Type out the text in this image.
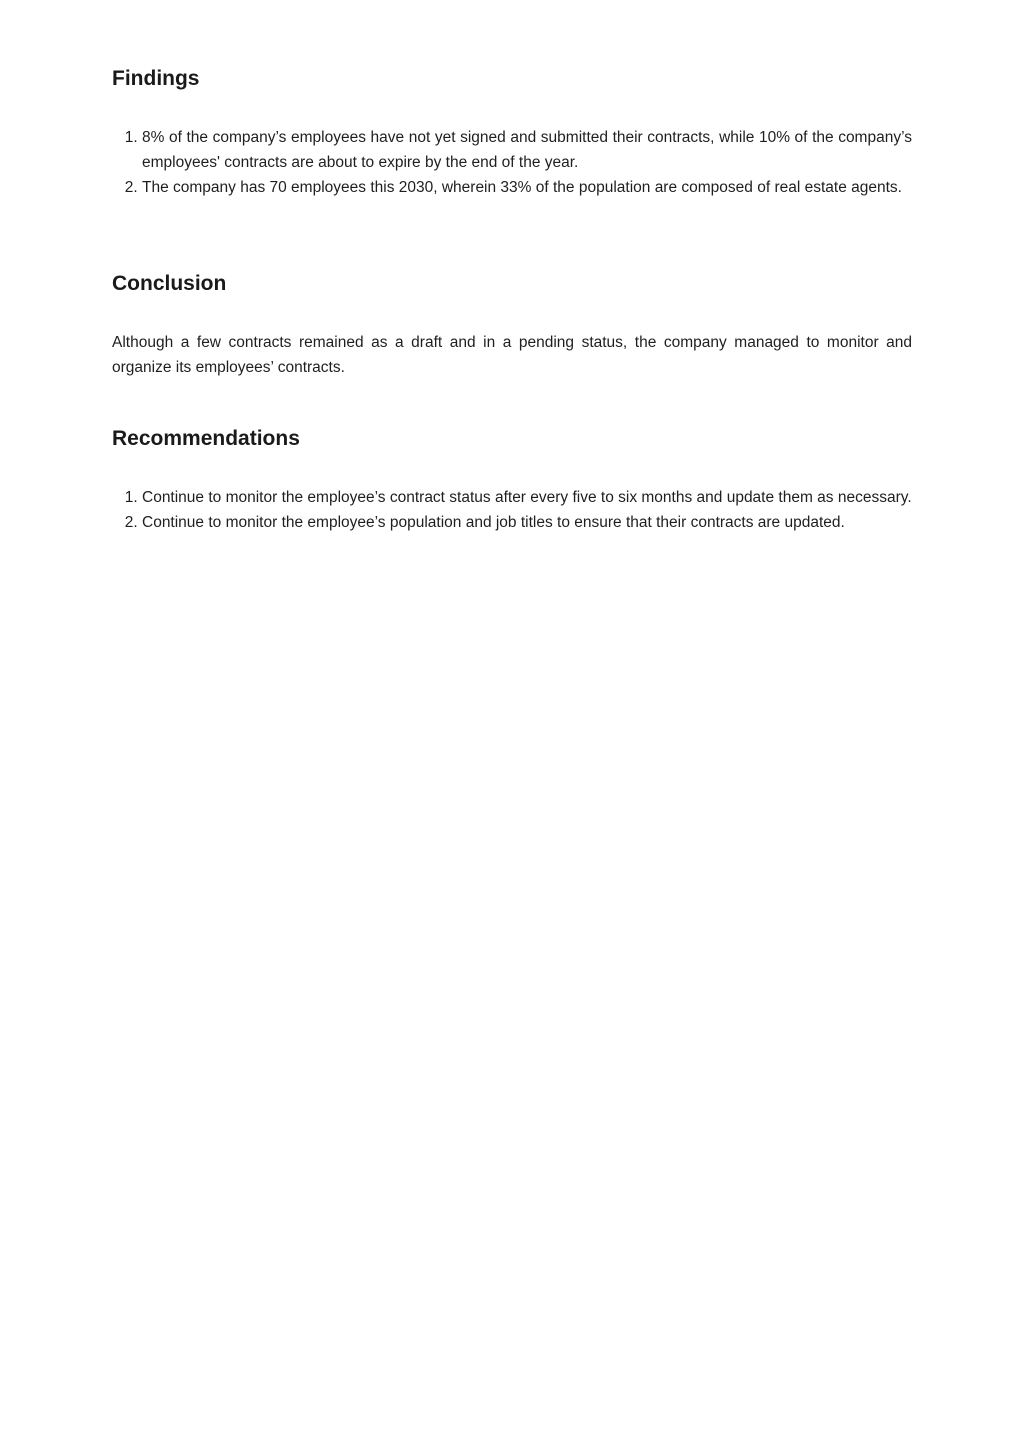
Findings
1. 8% of the company’s employees have not yet signed and submitted their contracts, while 10% of the company’s employees' contracts are about to expire by the end of the year.
2. The company has 70 employees this 2030, wherein 33% of the population are composed of real estate agents.
Conclusion

Although a few contracts remained as a draft and in a pending status, the company managed to monitor and organize its employees’ contracts.

Recommendations
1. Continue to monitor the employee’s contract status after every five to six months and update them as necessary.
2. Continue to monitor the employee’s population and job titles to ensure that their contracts are updated.
